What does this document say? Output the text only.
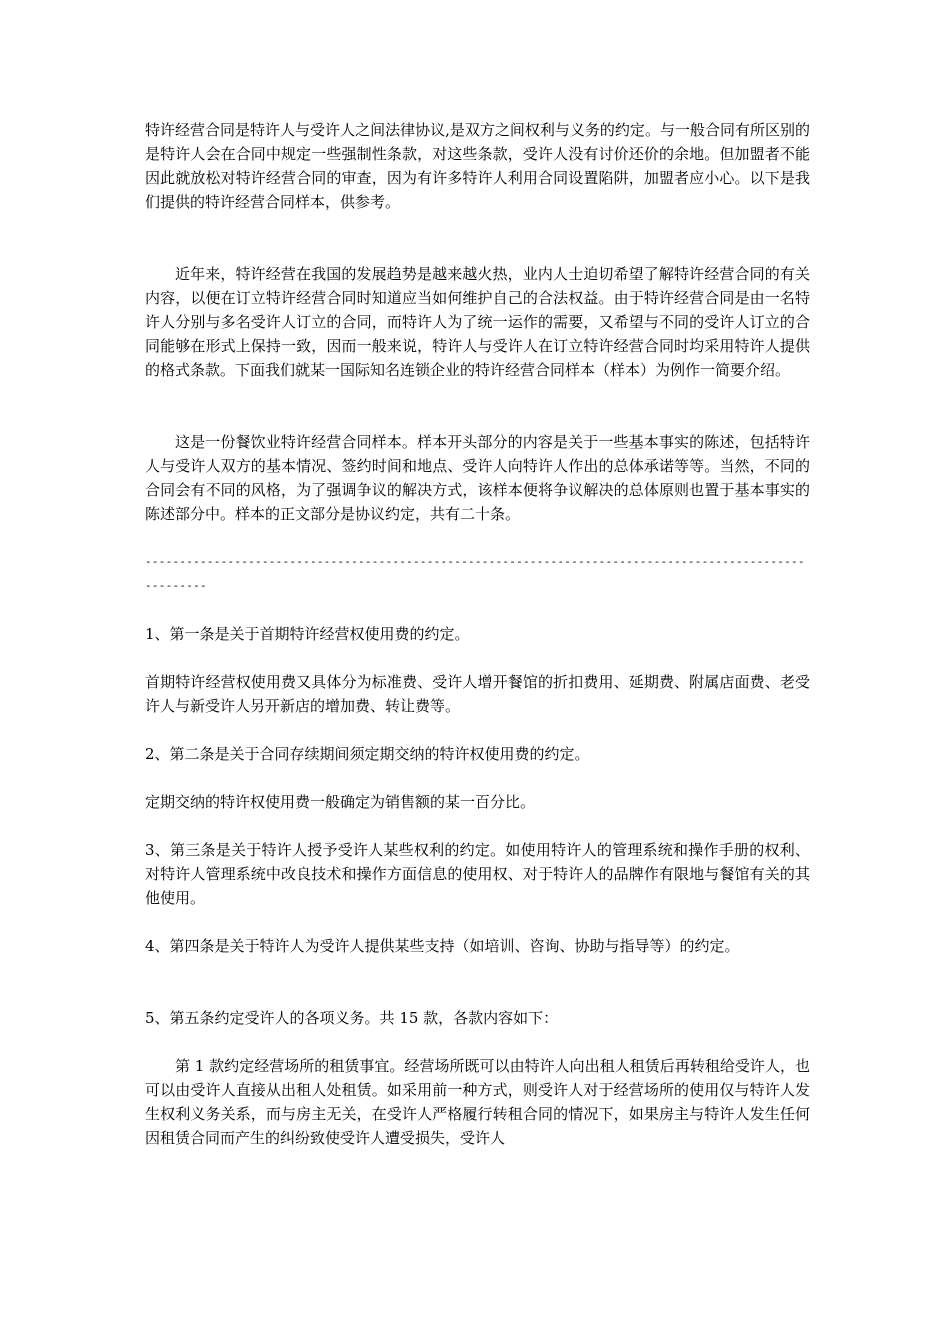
特许经营合同是特许人与受许人之间法律协议,是双方之间权利与义务的约定。与一般合同有所区别的是特许人会在合同中规定一些强制性条款，对这些条款，受许人没有讨价还价的余地。但加盟者不能因此就放松对特许经营合同的审查，因为有许多特许人利用合同设置陷阱，加盟者应小心。以下是我们提供的特许经营合同样本，供参考。

近年来，特许经营在我国的发展趋势是越来越火热，业内人士迫切希望了解特许经营合同的有关内容，以便在订立特许经营合同时知道应当如何维护自己的合法权益。由于特许经营合同是由一名特许人分别与多名受许人订立的合同，而特许人为了统一运作的需要，又希望与不同的受许人订立的合同能够在形式上保持一致，因而一般来说，特许人与受许人在订立特许经营合同时均采用特许人提供的格式条款。下面我们就某一国际知名连锁企业的特许经营合同样本（样本）为例作一简要介绍。

这是一份餐饮业特许经营合同样本。样本开头部分的内容是关于一些基本事实的陈述，包括特许人与受许人双方的基本情况、签约时间和地点、受许人向特许人作出的总体承诺等等。当然，不同的合同会有不同的风格，为了强调争议的解决方式，该样本便将争议解决的总体原则也置于基本事实的陈述部分中。样本的正文部分是协议约定，共有二十条。

---------------------------------------------------------------------------------------------------------

1、第一条是关于首期特许经营权使用费的约定。

首期特许经营权使用费又具体分为标准费、受许人增开餐馆的折扣费用、延期费、附属店面费、老受许人与新受许人另开新店的增加费、转让费等。

2、第二条是关于合同存续期间须定期交纳的特许权使用费的约定。

定期交纳的特许权使用费一般确定为销售额的某一百分比。

3、第三条是关于特许人授予受许人某些权利的约定。如使用特许人的管理系统和操作手册的权利、对特许人管理系统中改良技术和操作方面信息的使用权、对于特许人的品牌作有限地与餐馆有关的其他使用。

4、第四条是关于特许人为受许人提供某些支持（如培训、咨询、协助与指导等）的约定。

5、第五条约定受许人的各项义务。共 15 款，各款内容如下：

第 1 款约定经营场所的租赁事宜。经营场所既可以由特许人向出租人租赁后再转租给受许人，也可以由受许人直接从出租人处租赁。如采用前一种方式，则受许人对于经营场所的使用仅与特许人发生权利义务关系，而与房主无关，在受许人严格履行转租合同的情况下，如果房主与特许人发生任何因租赁合同而产生的纠纷致使受许人遭受损失，受许人
